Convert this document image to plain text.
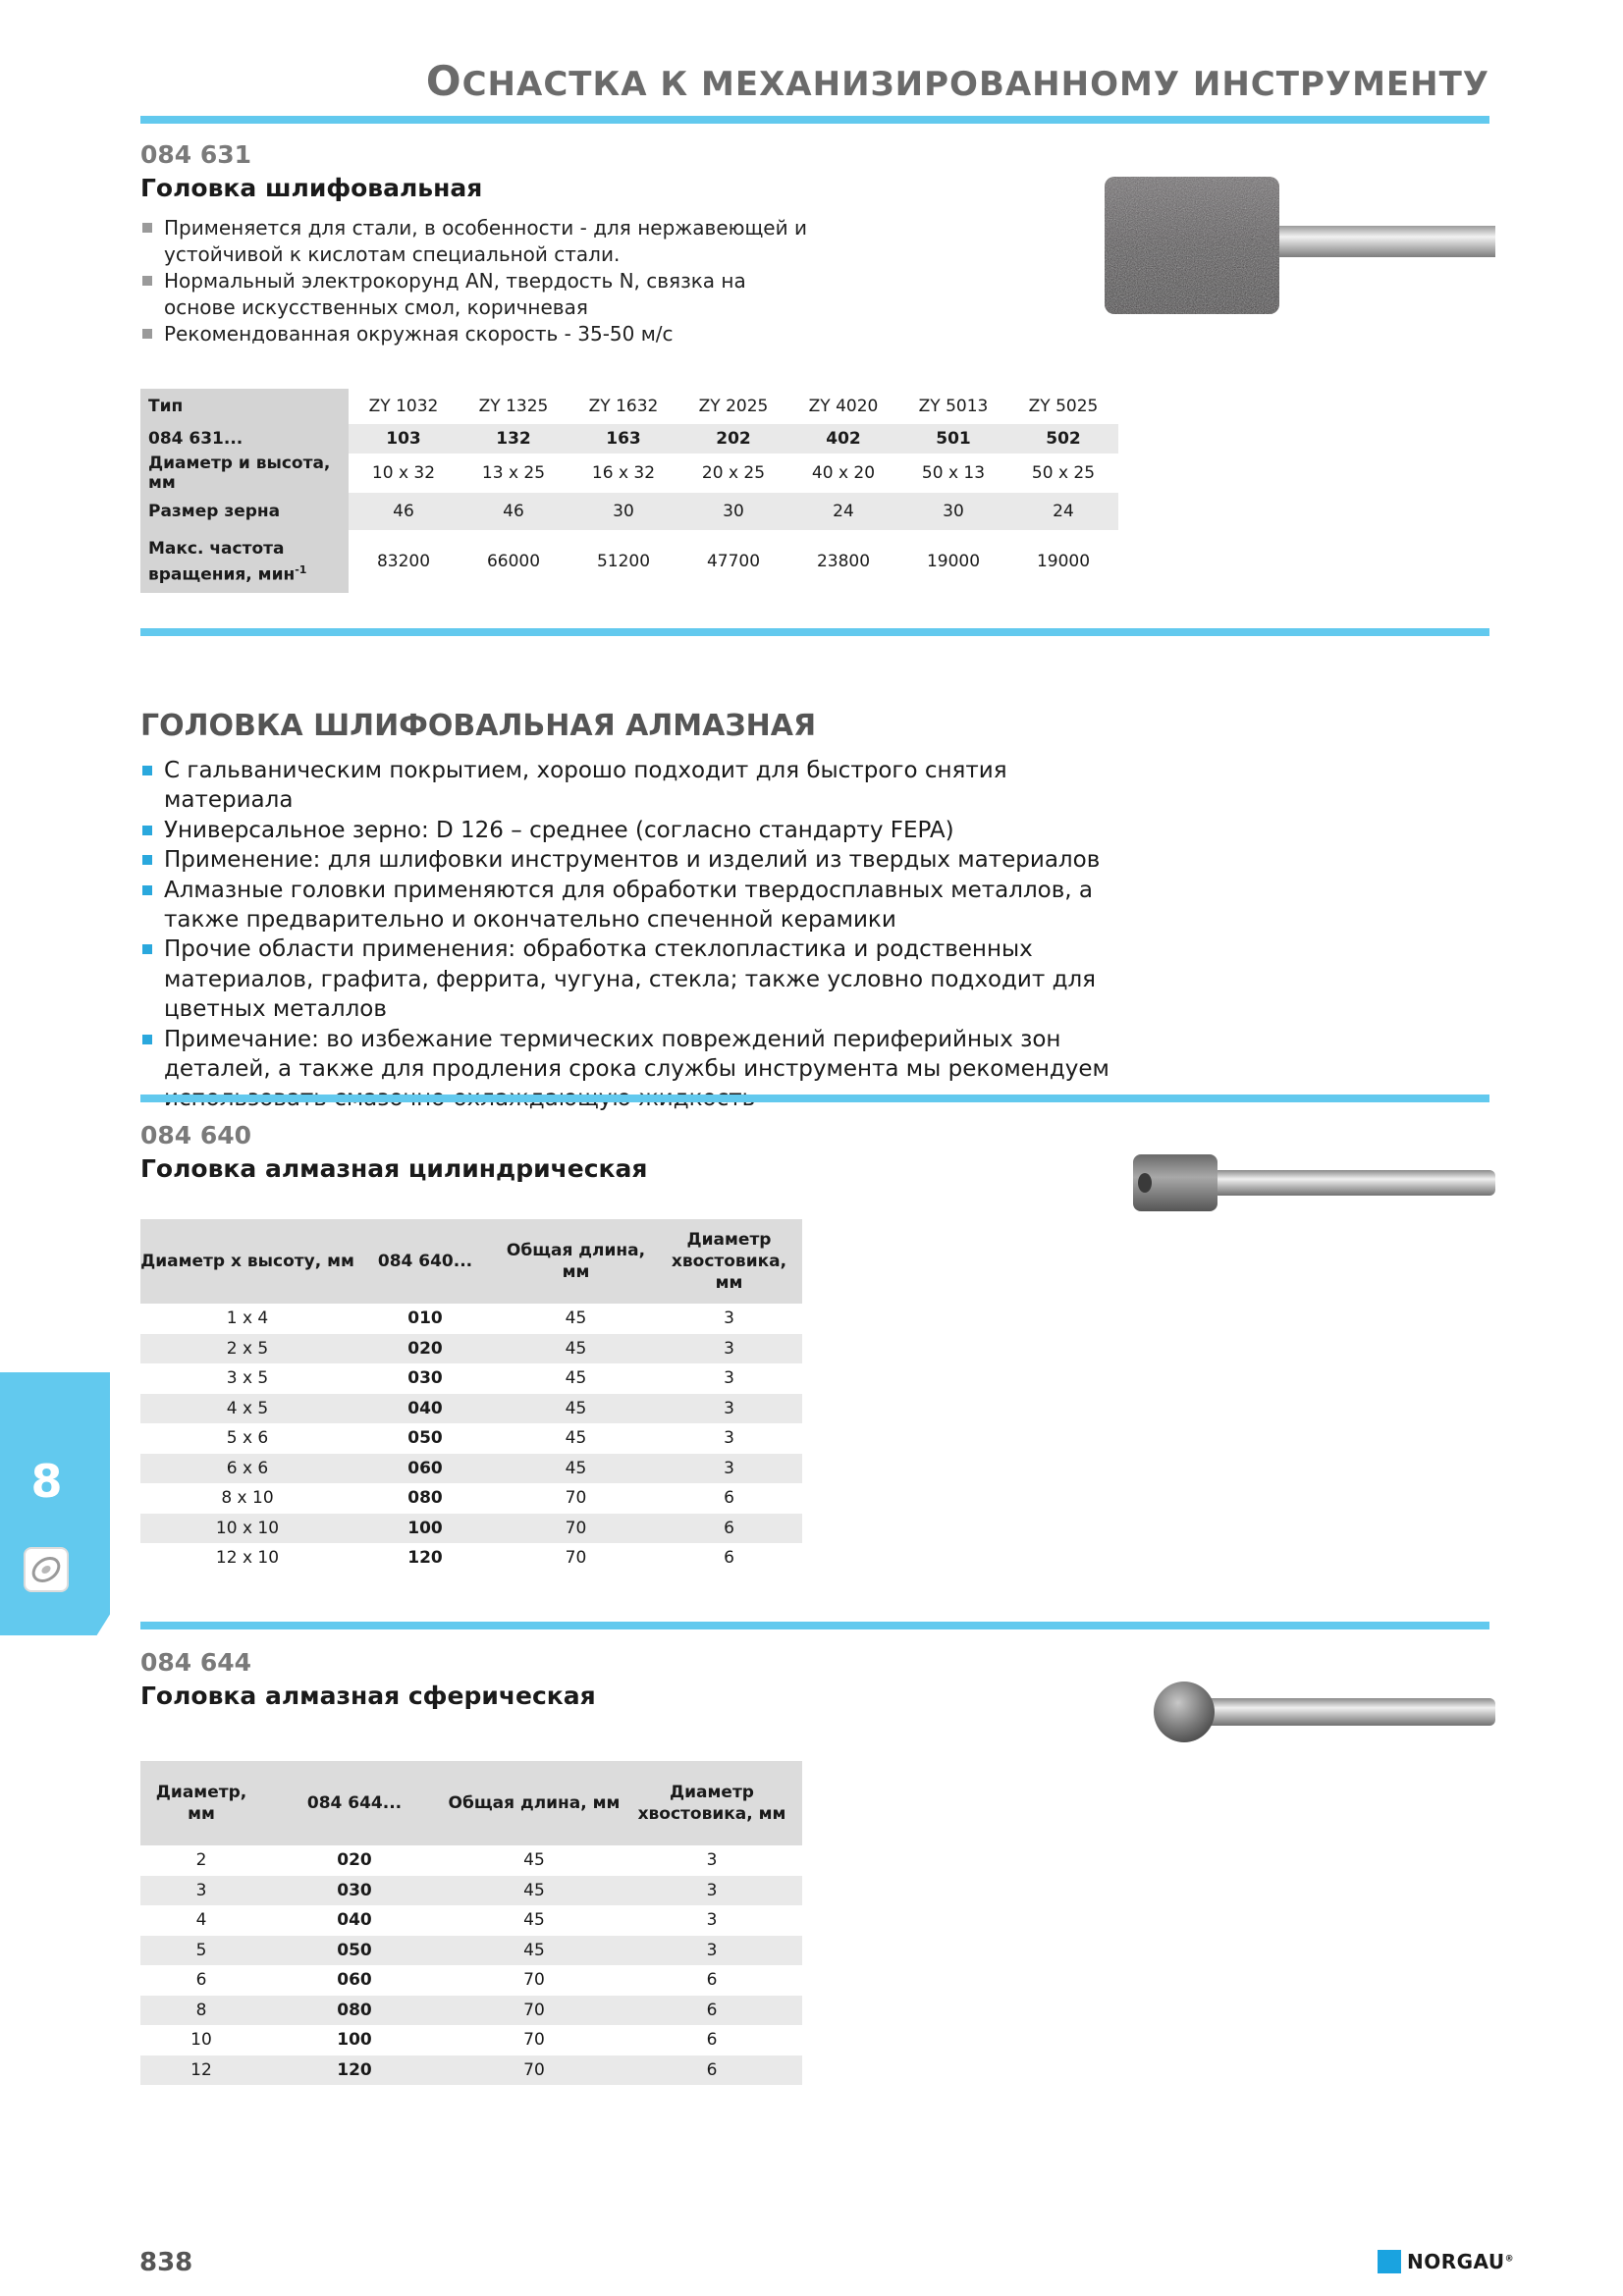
ОСНАСТКА К МЕХАНИЗИРОВАННОМУ ИНСТРУМЕНТУ
084 631
Головка шлифовальная
Применяется для стали, в особенности - для нержавеющей и устойчивой к кислотам специальной стали.
Нормальный электрокорунд AN, твердость N, связка на основе искусственных смол, коричневая
Рекомендованная окружная скорость - 35-50 м/с
Тип	ZY 1032	ZY 1325	ZY 1632	ZY 2025	ZY 4020	ZY 5013	ZY 5025
084 631...	103	132	163	202	402	501	502
Диаметр и высота, мм	10 x 32	13 x 25	16 x 32	20 x 25	40 x 20	50 x 13	50 x 25
Размер зерна	46	46	30	30	24	30	24
Макс. частота вращения, мин$^{-1}$	83200	66000	51200	47700	23800	19000	19000
ГОЛОВКА ШЛИФОВАЛЬНАЯ АЛМАЗНАЯ
С гальваническим покрытием, хорошо подходит для быстрого снятия материала
Универсальное зерно: D 126 – среднее (согласно стандарту FEPA)
Применение: для шлифовки инструментов и изделий из твердых материалов
Алмазные головки применяются для обработки твердосплавных металлов, а также предварительно и окончательно спеченной керамики
Прочие области применения: обработка стеклопластика и родственных материалов, графита, феррита, чугуна, стекла; также условно подходит для цветных металлов
Примечание: во избежание термических повреждений периферийных зон деталей, а также для продления срока службы инструмента мы рекомендуем
084 640
Головка алмазная цилиндрическая
Диаметр х высоту, мм	084 640...	Общая длина, мм	Диаметр хвостовика, мм
1 x 4	010	45	3
2 x 5	020	45	3
3 x 5	030	45	3
4 x 5	040	45	3
5 x 6	050	45	3
6 x 6	060	45	3
8 x 10	080	70	6
10 x 10	100	70	6
12 x 10	120	70	6
084 644
Головка алмазная сферическая
Диаметр, мм	084 644...	Общая длина, мм	Диаметр хвостовика, мм
2	020	45	3
3	030	45	3
4	040	45	3
5	050	45	3
6	060	70	6
8	080	70	6
10	100	70	6
12	120	70	6
8
838	NORGAU®
